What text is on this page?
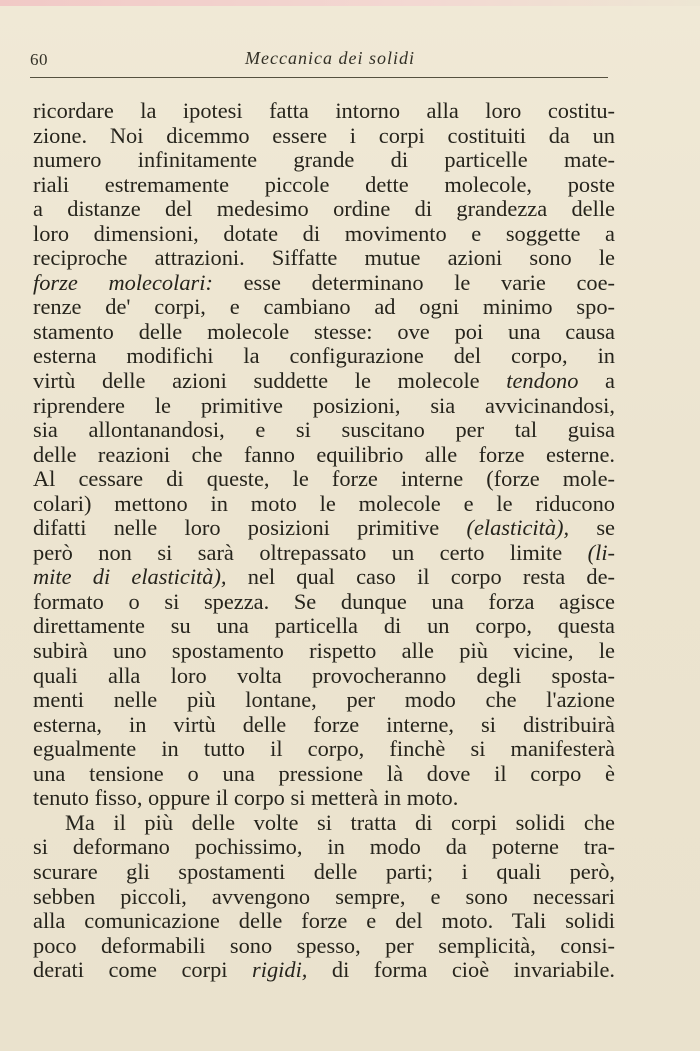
60	Meccanica dei solidi
ricordare la ipotesi fatta intorno alla loro costitu-
zione. Noi dicemmo essere i corpi costituiti da un
numero infinitamente grande di particelle mate-
riali estremamente piccole dette molecole, poste
a distanze del medesimo ordine di grandezza delle
loro dimensioni, dotate di movimento e soggette a
reciproche attrazioni. Siffatte mutue azioni sono le
forze molecolari: esse determinano le varie coe-
renze de' corpi, e cambiano ad ogni minimo spo-
stamento delle molecole stesse: ove poi una causa
esterna modifichi la configurazione del corpo, in
virtù delle azioni suddette le molecole tendono a
riprendere le primitive posizioni, sia avvicinandosi,
sia allontanandosi, e si suscitano per tal guisa
delle reazioni che fanno equilibrio alle forze esterne.
Al cessare di queste, le forze interne (forze mole-
colari) mettono in moto le molecole e le riducono
difatti nelle loro posizioni primitive (elasticità), se
però non si sarà oltrepassato un certo limite (li-
mite di elasticità), nel qual caso il corpo resta de-
formato o si spezza. Se dunque una forza agisce
direttamente su una particella di un corpo, questa
subirà uno spostamento rispetto alle più vicine, le
quali alla loro volta provocheranno degli sposta-
menti nelle più lontane, per modo che l'azione
esterna, in virtù delle forze interne, si distribuirà
egualmente in tutto il corpo, finchè si manifesterà
una tensione o una pressione là dove il corpo è
tenuto fisso, oppure il corpo si metterà in moto.
Ma il più delle volte si tratta di corpi solidi che
si deformano pochissimo, in modo da poterne tra-
scurare gli spostamenti delle parti; i quali però,
sebben piccoli, avvengono sempre, e sono necessari
alla comunicazione delle forze e del moto. Tali solidi
poco deformabili sono spesso, per semplicità, consi-
derati come corpi rigidi, di forma cioè invariabile.
